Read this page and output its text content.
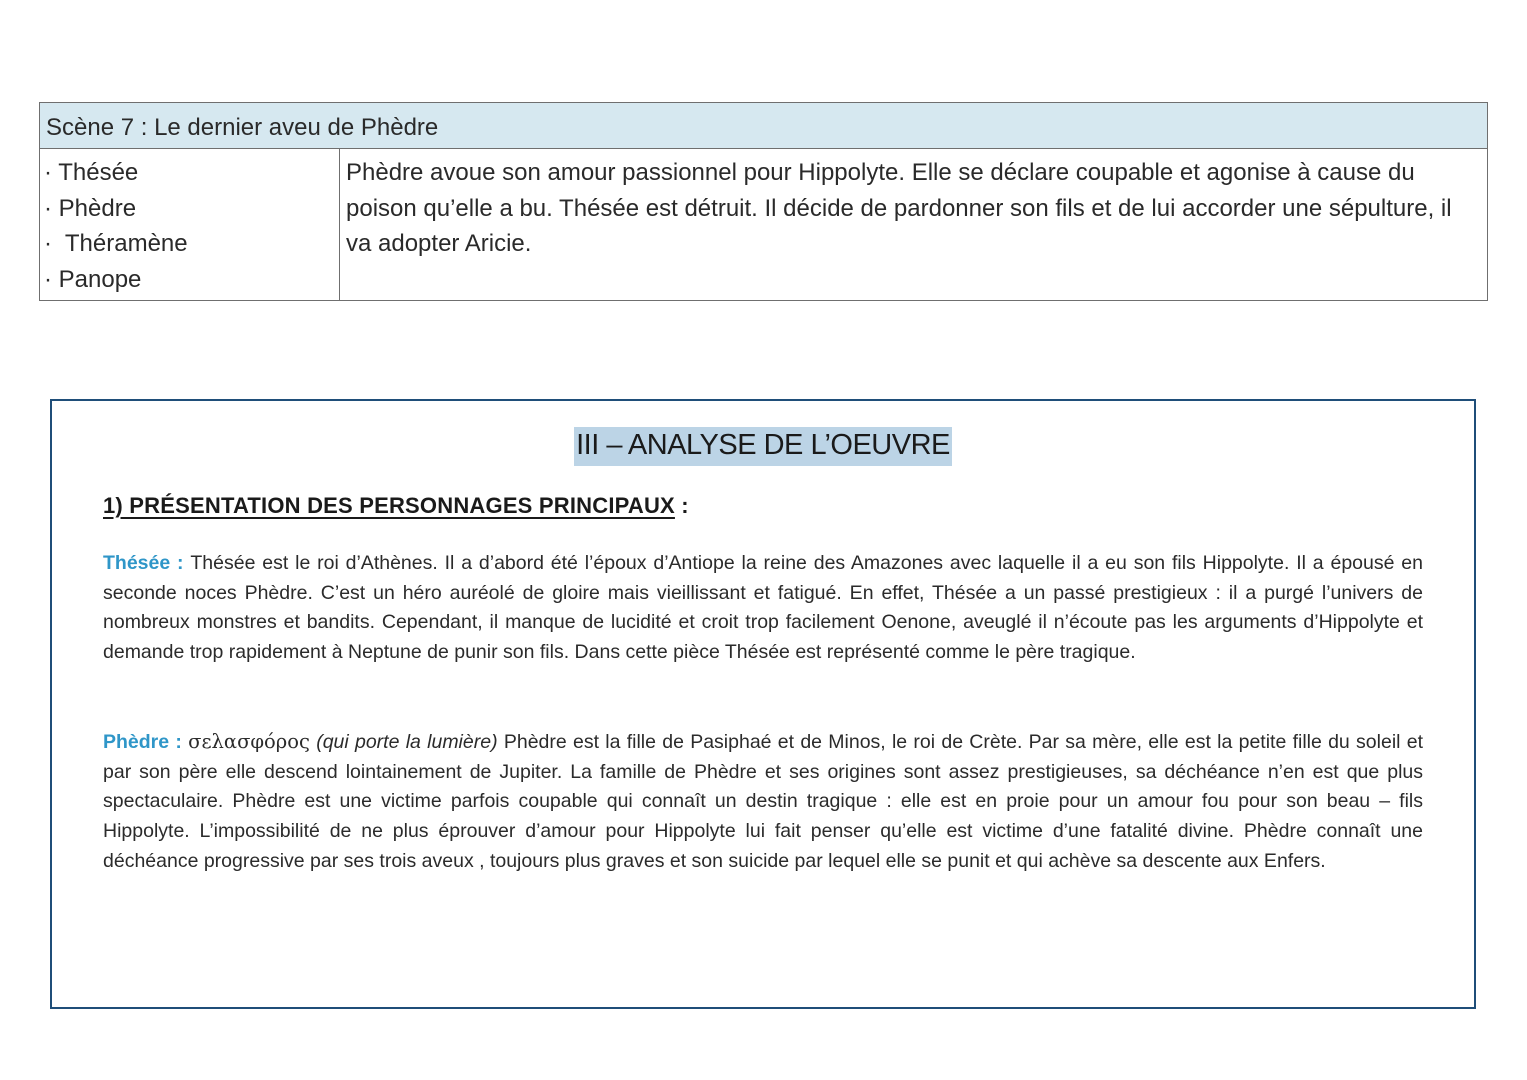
Scène 7 : Le dernier aveu de Phèdre
· Thésée
· Phèdre
·  Théramène
· Panope
Phèdre avoue son amour passionnel pour Hippolyte. Elle se déclare coupable et agonise à cause du poison qu’elle a bu. Thésée est détruit. Il décide de pardonner son fils et de lui accorder une sépulture, il va adopter Aricie.
III – ANALYSE DE L’OEUVRE
1) PRÉSENTATION DES PERSONNAGES PRINCIPAUX :
Thésée : Thésée est le roi d’Athènes. Il a d’abord été l’époux d’Antiope la reine des Amazones avec laquelle il a eu son fils Hippolyte. Il a épousé en seconde noces Phèdre. C’est un héro auréolé de gloire mais vieillissant et fatigué. En effet, Thésée a un passé prestigieux : il a purgé l’univers de nombreux monstres et bandits. Cependant, il manque de lucidité et croit trop facilement Oenone, aveuglé il n’écoute pas les arguments d’Hippolyte et demande trop rapidement à Neptune de punir son fils. Dans cette pièce Thésée est représenté comme le père tragique.
Phèdre : σελασφόρος (qui porte la lumière) Phèdre est la fille de Pasiphaé et de Minos, le roi de Crète. Par sa mère, elle est la petite fille du soleil et par son père elle descend lointainement de Jupiter. La famille de Phèdre et ses origines sont assez prestigieuses, sa déchéance n’en est que plus spectaculaire. Phèdre est une victime parfois coupable qui connaît un destin tragique : elle est en proie pour un amour fou pour son beau – fils Hippolyte. L’impossibilité de ne plus éprouver d’amour pour Hippolyte lui fait penser qu’elle est victime d’une fatalité divine. Phèdre connaît une déchéance progressive par ses trois aveux , toujours plus graves et son suicide par lequel elle se punit et qui achève sa descente aux Enfers.
